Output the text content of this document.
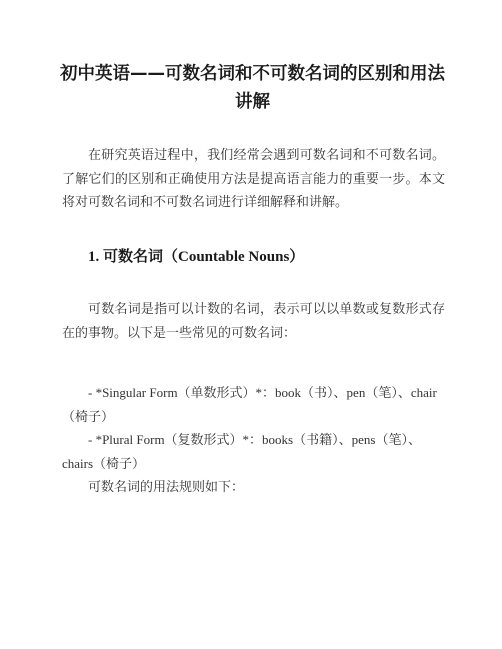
初中英语——可数名词和不可数名词的区别和用法讲解

在研究英语过程中，我们经常会遇到可数名词和不可数名词。了解它们的区别和正确使用方法是提高语言能力的重要一步。本文将对可数名词和不可数名词进行详细解释和讲解。

1. 可数名词（Countable Nouns）

可数名词是指可以计数的名词，表示可以以单数或复数形式存在的事物。以下是一些常见的可数名词：

- *Singular Form（单数形式）*：book（书）、pen（笔）、chair（椅子）
- *Plural Form（复数形式）*：books（书籍）、pens（笔）、chairs（椅子）

可数名词的用法规则如下：
